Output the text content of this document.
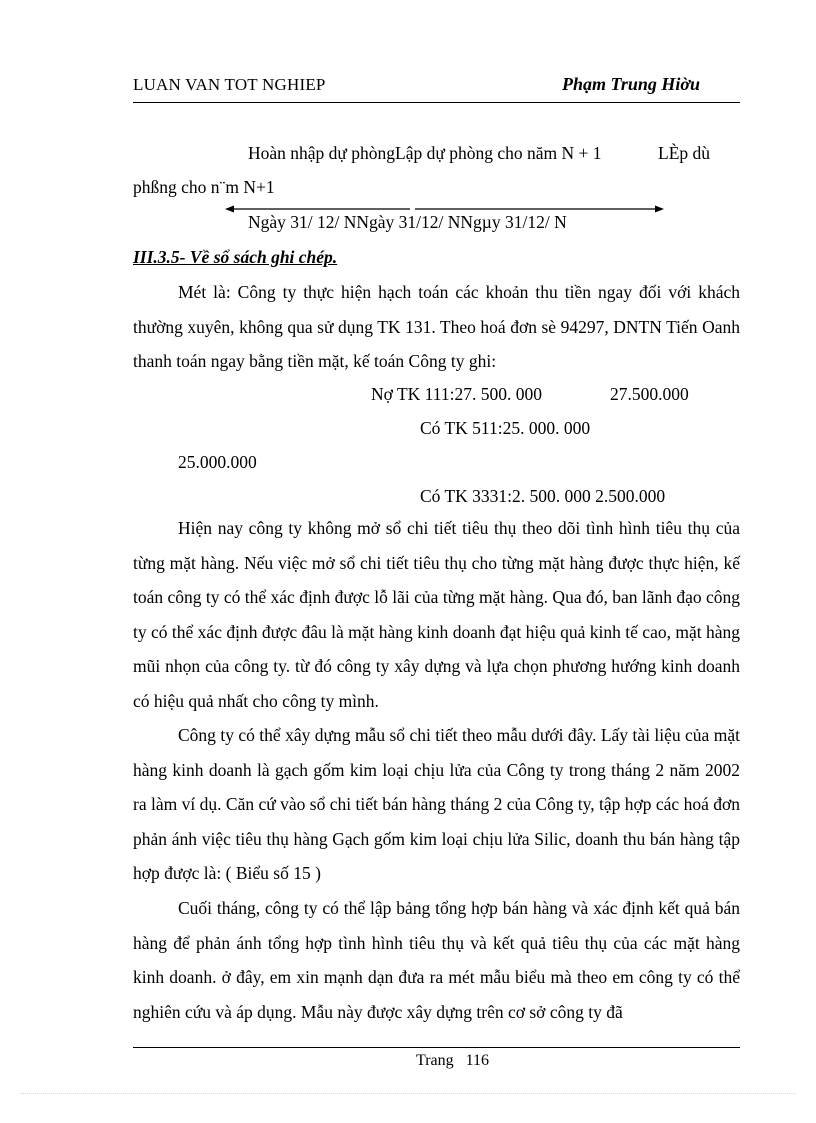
LUAN VAN TOT NGHIEP	Phạm Trung Hiờu
Hoàn nhập dự phòngLập dự phòng cho năm N + 1	LÈp dù
phßng cho n¨m N+1
Ngày 31/ 12/ NNgày 31/12/ NNgµy 31/12/ N
III.3.5- Về sổ sách ghi chép.
Mét là: Công ty thực hiện hạch toán các khoản thu tiền ngay đối với khách thường xuyên, không qua sử dụng TK 131. Theo hoá đơn sè 94297, DNTN Tiến Oanh thanh toán ngay bằng tiền mặt, kế toán Công ty ghi:
Nợ TK 111:27. 500. 000	27.500.000
Có TK 511:25. 000. 000
25.000.000
Có TK 3331:2. 500. 000 2.500.000
Hiện nay công ty không mở sổ chi tiết tiêu thụ theo dõi tình hình tiêu thụ của từng mặt hàng. Nếu việc mở sổ chi tiết tiêu thụ cho từng mặt hàng được thực hiện, kế toán công ty có thể xác định được lỗ lãi của từng mặt hàng. Qua đó, ban lãnh đạo công ty có thể xác định được đâu là mặt hàng kinh doanh đạt hiệu quả kinh tế cao, mặt hàng mũi nhọn của công ty. từ đó công ty xây dựng và lựa chọn phương hướng kinh doanh có hiệu quả nhất cho công ty mình.
Công ty có thể xây dựng mẫu sổ chi tiết theo mẫu dưới đây. Lấy tài liệu của mặt hàng kinh doanh là gạch gốm kim loại chịu lửa của Công ty trong tháng 2 năm 2002 ra làm ví dụ. Căn cứ vào sổ chi tiết bán hàng tháng 2 của Công ty, tập hợp các hoá đơn phản ánh việc tiêu thụ hàng Gạch gốm kim loại chịu lửa Silic, doanh thu bán hàng tập hợp được là: ( Biểu số 15 )
Cuối tháng, công ty có thể lập bảng tổng hợp bán hàng và xác định kết quả bán hàng để phản ánh tổng hợp tình hình tiêu thụ và kết quả tiêu thụ của các mặt hàng kinh doanh. ở đây, em xin mạnh dạn đưa ra mét mẫu biểu mà theo em công ty có thể nghiên cứu và áp dụng. Mẫu này được xây dựng trên cơ sở công ty đã
Trang 116
